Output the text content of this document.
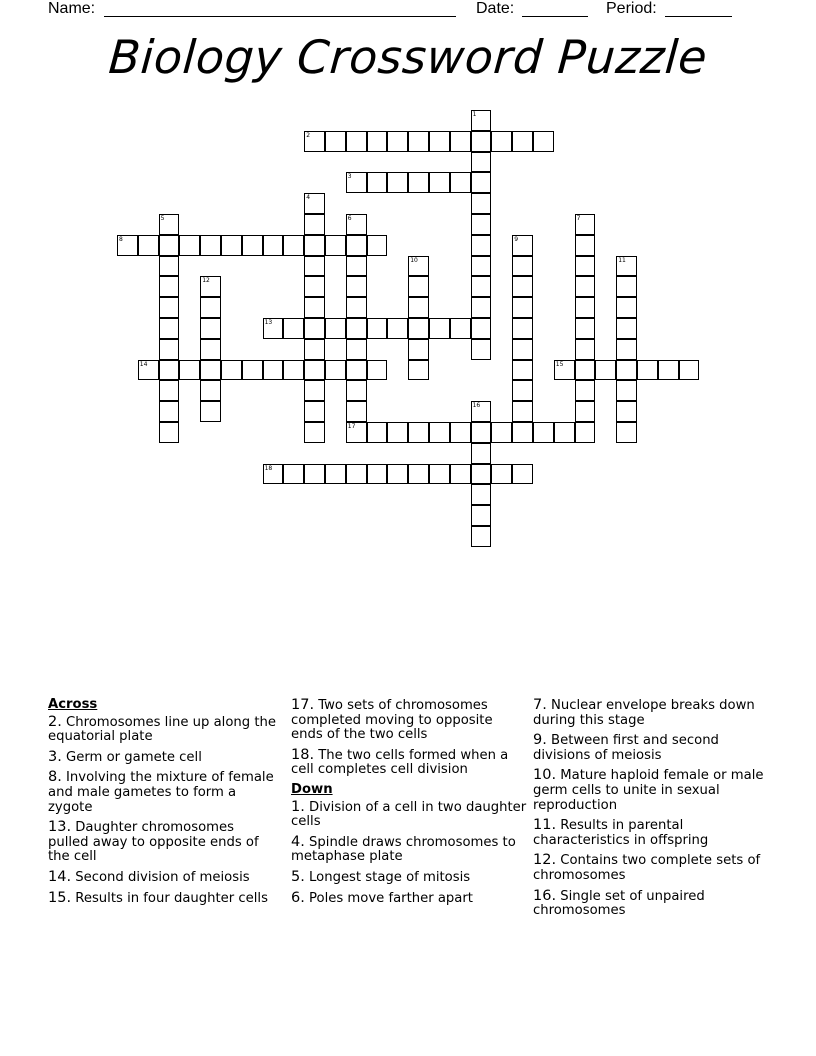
Name:	Date:	Period:
Biology Crossword Puzzle
1
2
3
4
5	6	7
8	9
10	11
12
13
14	15
16
17
18
Across
2. Chromosomes line up along the equatorial plate
3. Germ or gamete cell
8. Involving the mixture of female and male gametes to form a zygote
13. Daughter chromosomes pulled away to opposite ends of the cell
14. Second division of meiosis
15. Results in four daughter cells
17. Two sets of chromosomes completed moving to opposite ends of the two cells
18. The two cells formed when a cell completes cell division
Down
1. Division of a cell in two daughter cells
4. Spindle draws chromosomes to metaphase plate
5. Longest stage of mitosis
6. Poles move farther apart
7. Nuclear envelope breaks down during this stage
9. Between first and second divisions of meiosis
10. Mature haploid female or male germ cells to unite in sexual reproduction
11. Results in parental characteristics in offspring
12. Contains two complete sets of chromosomes
16. Single set of unpaired chromosomes
